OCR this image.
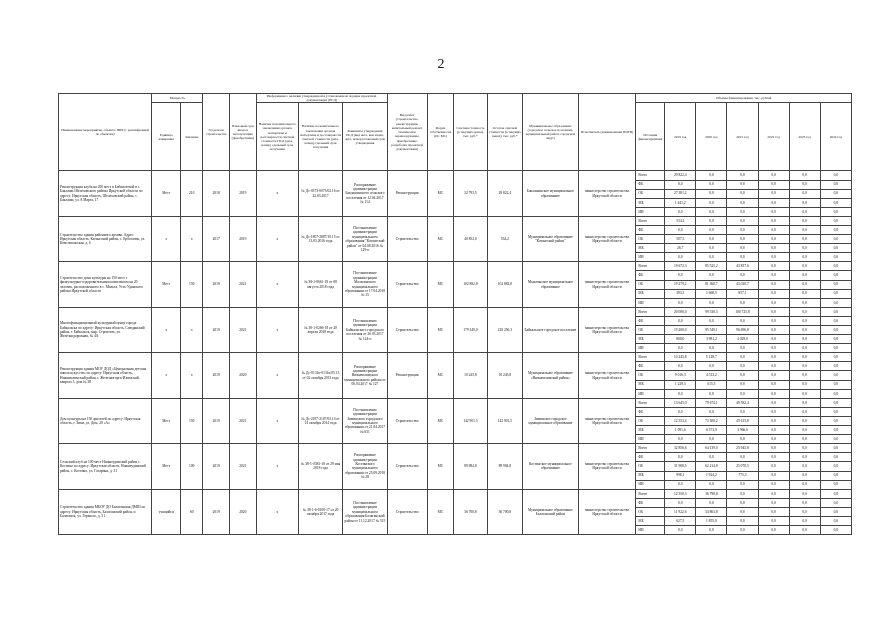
2
Наименование мероприятия, объекта, ПИР (с расшифровкой по объектам)	Мощность		Год начала строительства	Плановый срок ввода в эксплуатацию (приобретения)	Информация о наличии утвержденной в установленном порядке проектной документации (ПСД)			Вид работ (строительство, реконструкция, капитальный ремонт, техническое перевооружение, приобретение, разработка проектной документации)	Форма собственности (ОС МС)	Сметная стоимость (в текущих ценах), тыс. руб.*	Остаток сметной стоимости (в текущих ценах), тыс. руб.*	Муниципальное образование (городское сельское поселение, муниципальный район, городской округ)	Исполнитель (наименование ИОГВ)	Объемы финансирования, тыс. рублей						
	Единица измерения	Значение			Наличие положительного заключения органов экспертизы и достоверности сметной стоимости ПСД (дата, номер) сдельный срок получения	Наличие положительного заключения органов экспертизы и достоверности сметной стоимости (дата, номер) сдельный срок получения	Реквизиты утверждения ПСД (вид акта, кем издан, дата, номер) плановый срок утверждения							Источник финансирования	2019 год	2020 год	2021 год	2022 год	2023 год	2024 год

Реконструкция клуба на 200 мест в Библиотекой в с. Баклаши Шелеховского района Иркутской области по адресу: Иркутская область, Шелеховский район, с. Баклаши, ул. 8 Марта, 17	Мест	210	2018	2019	х	№ Дс-0373-0073/02.16 от 22.03.2017	Распоряжение администрации Баклашинского сельского поселения от 12.04.2017 № 114	Реконструкция	МС	32 793,5	29 822,4	Баклашинское муниципальное образование	министерство строительства Иркутской области	Всего	29 822,4	0,0	0,0	0,0	0,0	0,0
														ФБ	0,0	0,0	0,0	0,0	0,0	0,0
														ОБ	27 381,2	0,0	0,0	0,0	0,0	0,0
														МБ	1 441,2	0,0	0,0	0,0	0,0	0,0
														ИИ	0,0	0,0	0,0	0,0	0,0	0,0
Строительство здания районного архива. Адрес: Иркутская область, Катангский район, с. Ербогачен, ул. Комсомольская, д. 6	х	х	2017	2019	х	№ Дс-1807-2887/10.15 от 13.03.2016 года	Постановление администрации муниципального образования "Катангский район" от 04.08.2016 № 129-п	Строительство	МС	40 852,0	534,2	Муниципальное образование "Катангский район"	министерство строительства Иркутской области	Всего	534,2	0,0	0,0	0,0	0,0	0,0
														ФБ	0,0	0,0	0,0	0,0	0,0	0,0
														ОБ	507,5	0,0	0,0	0,0	0,0	0,0
														МБ	26,7	0,0	0,0	0,0	0,0	0,0
														ИИ	0,0	0,0	0,0	0,0	0,0	0,0
Строительство дома культуры на 150 мест с физкультурно-оздоровительным комплексом на 20 человек, расположенного в с. Мальта, Усть-Удинского района Иркутской области	Мест	150	2019	2021	х	№ 38-1-0661-18 от 08 августа 2018 года	Постановление администрации Мальтинского муниципального образования от 17.04.2018 № 15	Строительство	МС	102 882,8	102 882,8	Мальтинское муниципальное образование	министерство строительства Иркутской области	Всего	19 672,3	85 523,2	43 837,6	0,0	0,0	0,0
														ФБ	0,0	0,0	0,0	0,0	0,0	0,0
														ОБ	19 279,2	81 360,7	43 020,7	0,0	0,0	0,0
														МБ	393,5	1 668,5	857,1	0,0	0,0	0,0
														ИИ	0,0	0,0	0,0	0,0	0,0	0,0
Многофункциональный культурный центр города Байкальска по адресу: Иркутская область, Слюдянский район, г. Байкальск, мкр. Строитель, ул. Железнодорожная, № 4А	х	х	2019	2021	х	№ 38-1-0266-18 от 20 апреля 2018 года	Постановление администрации Байкальского городского поселения от 26.03.2017 № 124-п	Строительство	МС	179 349,0	220 256,3	Байкальское городское поселение	министерство строительства Иркутской области	Всего	20 000,0	99 530,3	100 725,8	0,0	0,0	0,0
														ФБ	0,0	0,0	0,0	0,0	0,0	0,0
														ОБ	19 200,0	95 549,1	96 696,8	0,0	0,0	0,0
														МБ	800,0	3 981,2	4 029,0	0,0	0,0	0,0
														ИИ	0,0	0,0	0,0	0,0	0,0	0,0
Реконструкция здания МОУ ДОД «Центральная детская школа искусств» по адресу: Иркутская область, Нижнеилимский район, г. Железногорск-Илимский, квартал 3, дом № 38	х	х	2019	2020	х	№ Дс-0131к-0131к/05.13 от 02 октября 2013 года	Распоряжение администрации Нижнеилимского муниципального района от 06.04.2017 № 127	Реконструкция	МС	10 245,8	10 245,8	Муниципальное образование «Нижнеилимский район»	министерство строительства Иркутской области	Всего	10 245,8	5 128,7	0,0	0,0	0,0	0,0
														ФБ	0,0	0,0	0,0	0,0	0,0	0,0
														ОБ	9 016,3	4 513,2	0,0	0,0	0,0	0,0
														МБ	1 229,5	615,5	0,0	0,0	0,0	0,0
														ИИ	0,0	0,0	0,0	0,0	0,0	0,0
Дом культуры на 150 зрителей по адресу: Иркутская область, г. Зима, ул. Дом, 20 «А»	Мест	150	2019	2021	х	№ Дс-2187-2187/03.14 от 14 октября 2014 года	Постановление администрации Зиминского городского муниципального образования от 21.04.2017 № 631	Строительство	МС	142 901,5	142 901,5	Зиминское городское муниципальное образование	министерство строительства Иркутской области	Всего	13 645,0	79 674,1	49 582,4	0,0	0,0	0,0
														ФБ	0,0	0,0	0,0	0,0	0,0	0,0
														ОБ	12 553,4	73 300,2	45 615,8	0,0	0,0	0,0
														МБ	1 091,6	6 373,9	3 966,6	0,0	0,0	0,0
														ИИ	0,0	0,0	0,0	0,0	0,0	0,0
Сельский клуб на 100 мест Нижнеудинский район с. Костино по адресу: Иркутская область, Нижнеудинский район, с. Костино, ул. Гагарина, д. 31	Мест	100	2019	2021	х	№ 38-1-0381-18 от 29 мая 2018 года	Распоряжение администрации Костинского муниципального образования от 25.09.2018 № 28	Строительство	МС	89 984,8	89 984,8	Костинское муниципальное образование	министерство строительства Иркутской области	Всего	32 856,6	64 139,0	25 945,8	0,0	0,0	0,0
														ФБ	0,0	0,0	0,0	0,0	0,0	0,0
														ОБ	31 908,5	62 214,8	25 070,5	0,0	0,0	0,0
														МБ	998,1	1 924,2	775,3	0,0	0,0	0,0
														ИИ	0,0	0,0	0,0	0,0	0,0	0,0
Строительство здания МБОУ ДО Балаганская ДМШ по адресу: Иркутская область, Балаганский район, п. Балаганск, ул. Горького, д. 51	учащийся	60	2019	2020	х	№ 38-1-6-0100-17 от 20 октября 2017 года	Постановление администрации муниципального образования Балаганский район от 11.12.2017 № 515	Строительство	МС	36 700,8	36 700,8	Муниципальное образование Балаганский район	министерство строительства Иркутской области	Всего	12 550,3	36 798,8	0,0	0,0	0,0	0,0
														ФБ	0,0	0,0	0,0	0,0	0,0	0,0
														ОБ	11 922,6	34 863,8	0,0	0,0	0,0	0,0
														МБ	627,5	1 855,0	0,0	0,0	0,0	0,0
														ИИ	0,0	0,0	0,0	0,0	0,0	0,0
